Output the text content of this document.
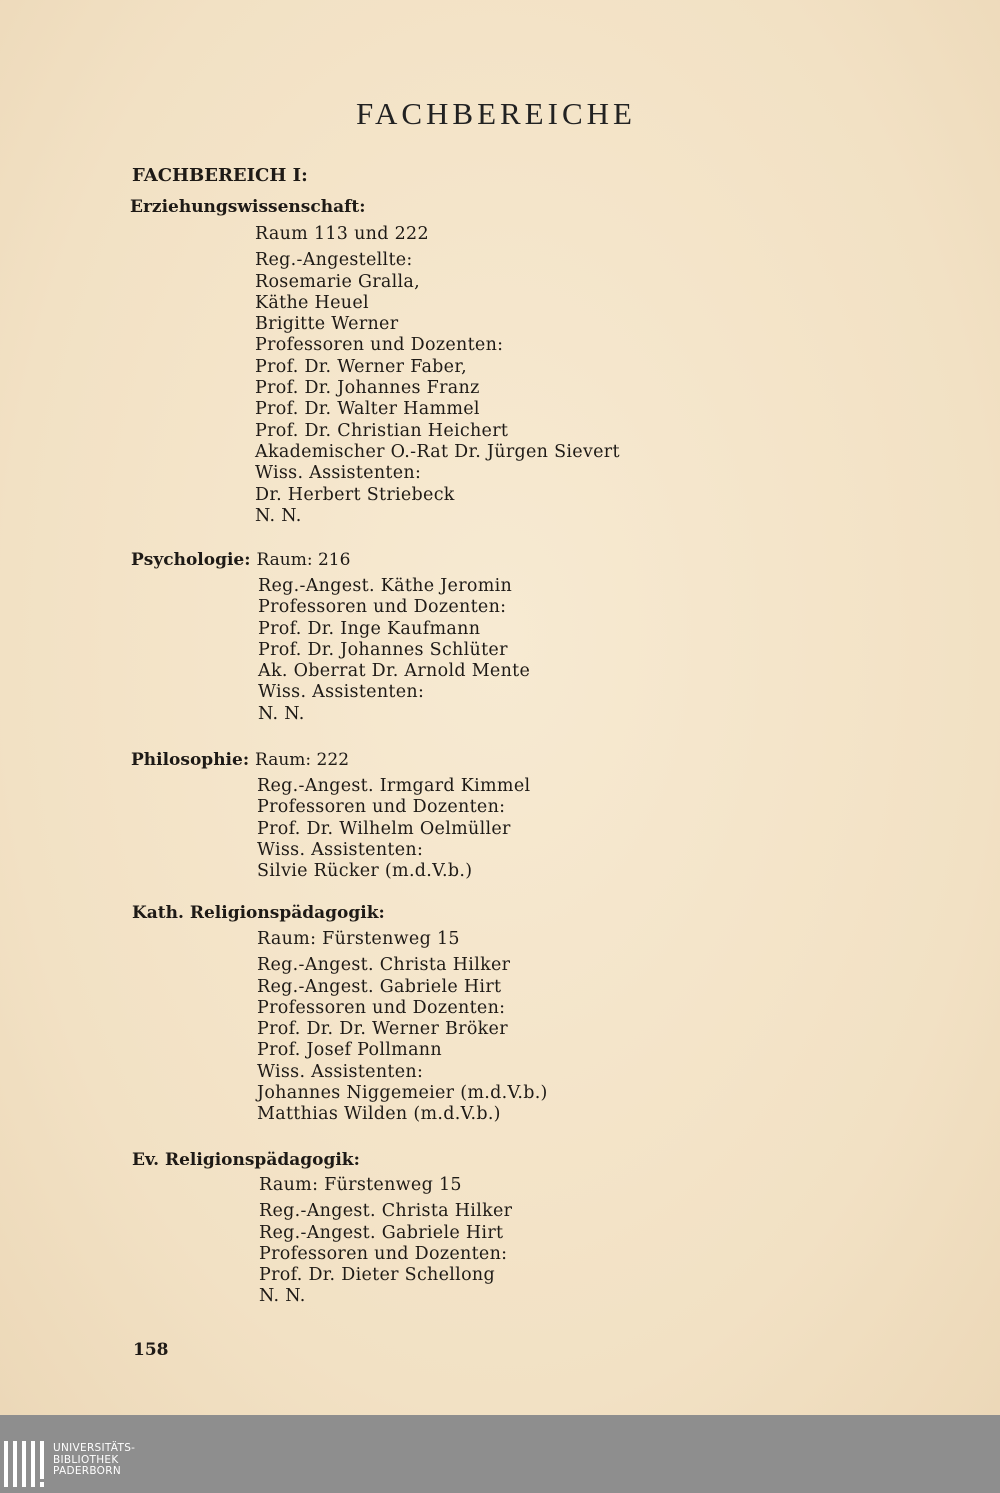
FACHBEREICHE
FACHBEREICH I:
Erziehungswissenschaft:
Raum 113 und 222
Reg.-Angestellte:
Rosemarie Gralla,
Käthe Heuel
Brigitte Werner
Professoren und Dozenten:
Prof. Dr. Werner Faber,
Prof. Dr. Johannes Franz
Prof. Dr. Walter Hammel
Prof. Dr. Christian Heichert
Akademischer O.-Rat Dr. Jürgen Sievert
Wiss. Assistenten:
Dr. Herbert Striebeck
N. N.
Psychologie: Raum: 216
Reg.-Angest. Käthe Jeromin
Professoren und Dozenten:
Prof. Dr. Inge Kaufmann
Prof. Dr. Johannes Schlüter
Ak. Oberrat Dr. Arnold Mente
Wiss. Assistenten:
N. N.
Philosophie: Raum: 222
Reg.-Angest. Irmgard Kimmel
Professoren und Dozenten:
Prof. Dr. Wilhelm Oelmüller
Wiss. Assistenten:
Silvie Rücker (m.d.V.b.)
Kath. Religionspädagogik:
Raum: Fürstenweg 15
Reg.-Angest. Christa Hilker
Reg.-Angest. Gabriele Hirt
Professoren und Dozenten:
Prof. Dr. Dr. Werner Bröker
Prof. Josef Pollmann
Wiss. Assistenten:
Johannes Niggemeier (m.d.V.b.)
Matthias Wilden (m.d.V.b.)
Ev. Religionspädagogik:
Raum: Fürstenweg 15
Reg.-Angest. Christa Hilker
Reg.-Angest. Gabriele Hirt
Professoren und Dozenten:
Prof. Dr. Dieter Schellong
N. N.
158
UNIVERSITÄTS-
BIBLIOTHEK
PADERBORN
